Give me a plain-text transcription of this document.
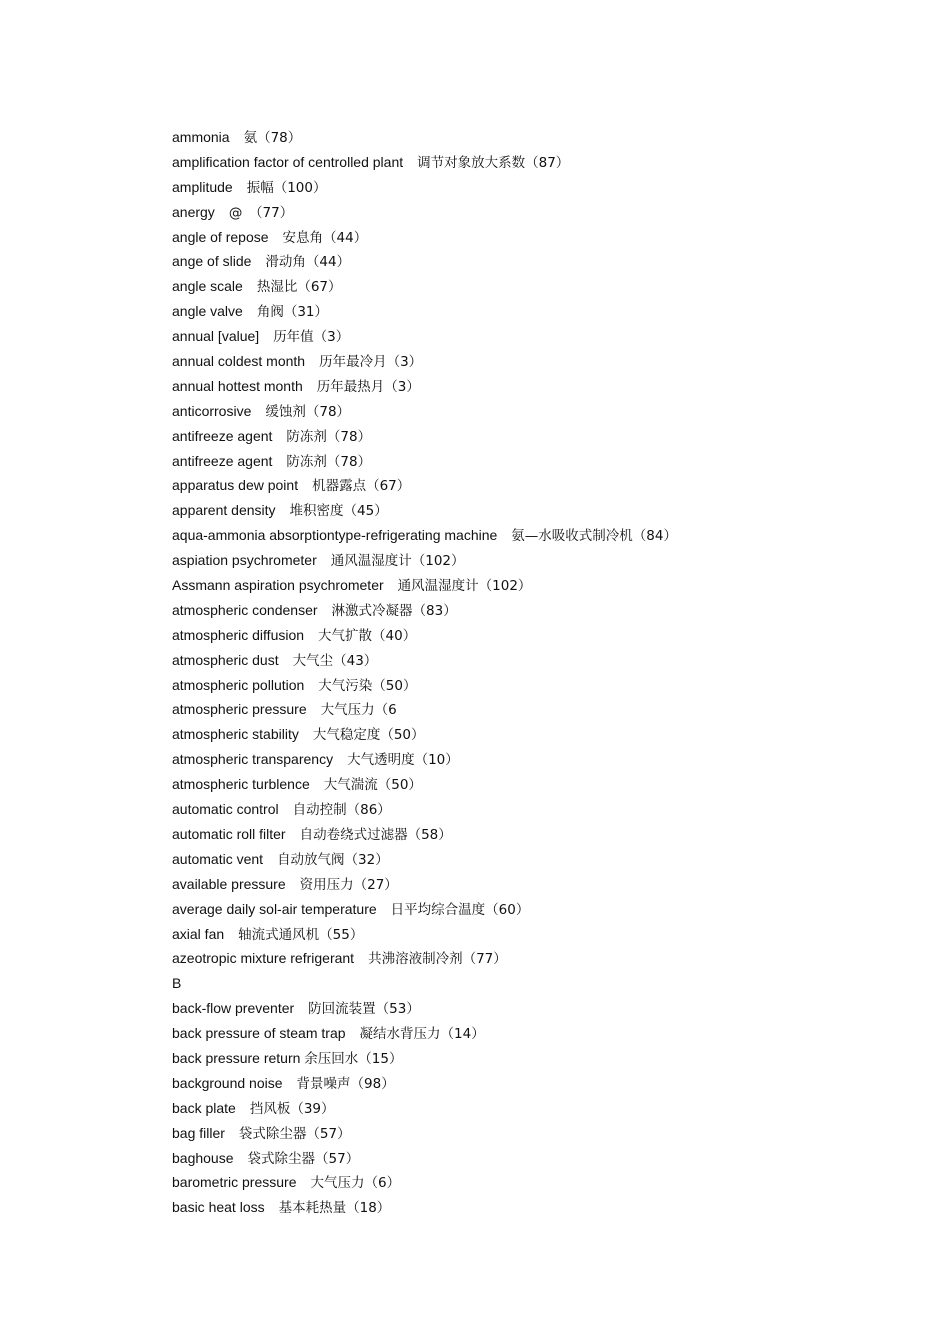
ammonia　 氨（78）
amplification factor of centrolled plant　 调节对象放大系数（87）
amplitude　 振幅（100）
anergy　 @　（77）
angle of repose　 安息角（44）
ange of slide　 滑动角（44）
angle scale　 热湿比（67）
angle valve　 角阀（31）
annual [value]　 历年值（3）
annual coldest month　 历年最冷月（3）
annual hottest month　 历年最热月（3）
anticorrosive　 缓蚀剂（78）
antifreeze agent　 防冻剂（78）
antifreeze agent　 防冻剂（78）
apparatus dew point　 机器露点（67）
apparent density　 堆积密度（45）
aqua-ammonia absorptiontype-refrigerating machine　 氨—水吸收式制冷机（84）
aspiation psychrometer　 通风温湿度计（102）
Assmann aspiration psychrometer　 通风温湿度计（102）
atmospheric condenser　 淋激式冷凝器（83）
atmospheric diffusion　 大气扩散（40）
atmospheric dust　 大气尘（43）
atmospheric pollution　 大气污染（50）
atmospheric pressure　 大气压力（6
atmospheric stability　 大气稳定度（50）
atmospheric transparency　 大气透明度（10）
atmospheric turblence　 大气湍流（50）
automatic control　 自动控制（86）
automatic roll filter　 自动卷绕式过滤器（58）
automatic vent　 自动放气阀（32）
available pressure　 资用压力（27）
average daily sol-air temperature　 日平均综合温度（60）
axial fan　 轴流式通风机（55）
azeotropic mixture refrigerant　 共沸溶液制冷剂（77）
B
back-flow preventer　 防回流装置（53）
back pressure of steam trap　 凝结水背压力（14）
back pressure return 余压回水（15）
background noise　 背景噪声（98）
back plate　 挡风板（39）
bag filler　 袋式除尘器（57）
baghouse　 袋式除尘器（57）
barometric pressure　 大气压力（6）
basic heat loss　 基本耗热量（18）
